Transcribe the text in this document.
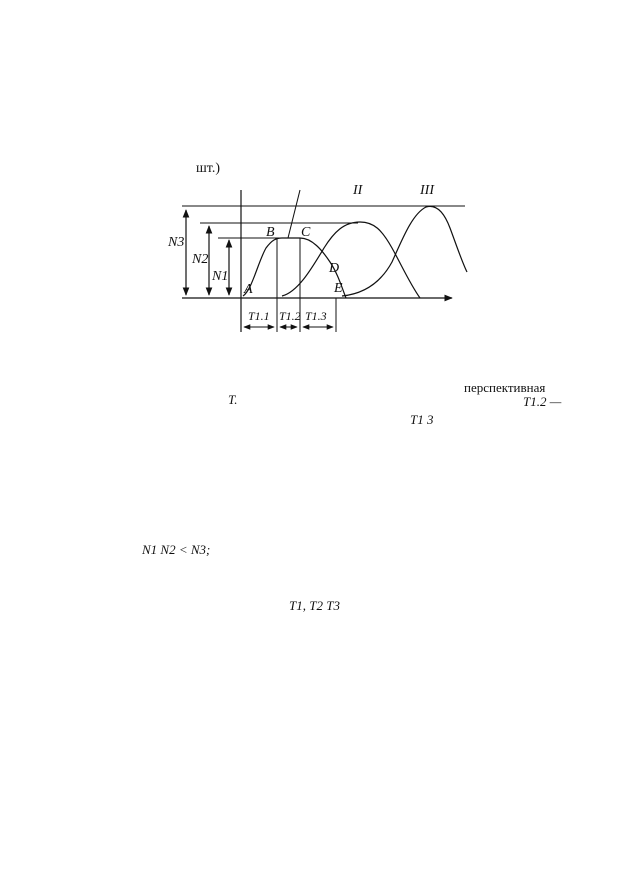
шт.)
N3
N2
N1
A
B C
D
E
II	III
T1.1 T1.2 T1.3
перспективная
T.	T1.2 —
T1 3
N1 N2 < N3;
T1, T2 T3
